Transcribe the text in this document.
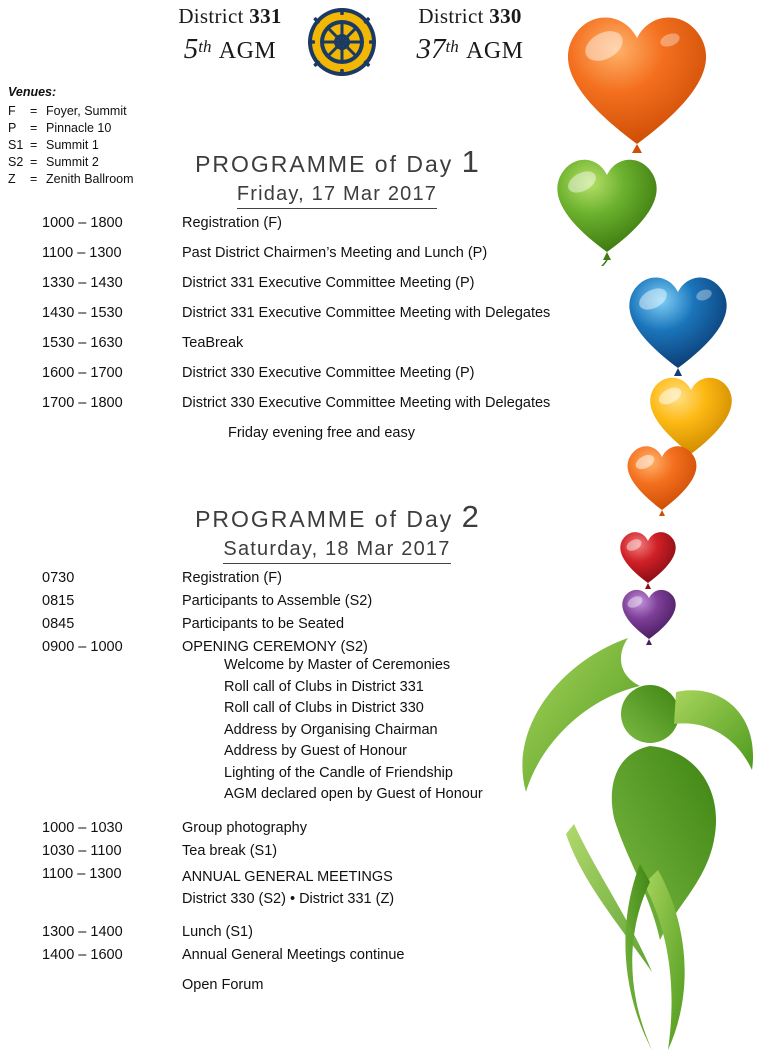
District 331
5th AGM
District 330
37th AGM
Venues:
F	=	Foyer, Summit
P	=	Pinnacle 10
S1	=	Summit 1
S2	=	Summit 2
Z	=	Zenith Ballroom
PROGRAMME of Day 1
Friday, 17 Mar 2017
1000 – 1800	Registration (F)
1100 – 1300	Past District Chairmen’s Meeting and Lunch (P)
1330 – 1430	District 331 Executive Committee Meeting (P)
1430 – 1530	District 331 Executive Committee Meeting with Delegates
1530 – 1630	TeaBreak
1600 – 1700	District 330 Executive Committee Meeting (P)
1700 – 1800	District 330 Executive Committee Meeting with Delegates
	Friday evening free and easy
PROGRAMME of Day 2
Saturday, 18 Mar 2017
0730	Registration (F)
0815	Participants to Assemble (S2)
0845	Participants to be Seated
0900 – 1000	OPENING CEREMONY (S2)
Welcome by Master of Ceremonies
Roll call of Clubs in District 331
Roll call of Clubs in District 330
Address by Organising Chairman
Address by Guest of Honour
Lighting of the Candle of Friendship
AGM declared open by Guest of Honour

1000 – 1030	Group photography
1030 – 1100	Tea break (S1)
1100 – 1300	ANNUAL GENERAL MEETINGS
District 330 (S2) • District 331 (Z)

1300 – 1400	Lunch (S1)
1400 – 1600	Annual General Meetings continue
	Open Forum
